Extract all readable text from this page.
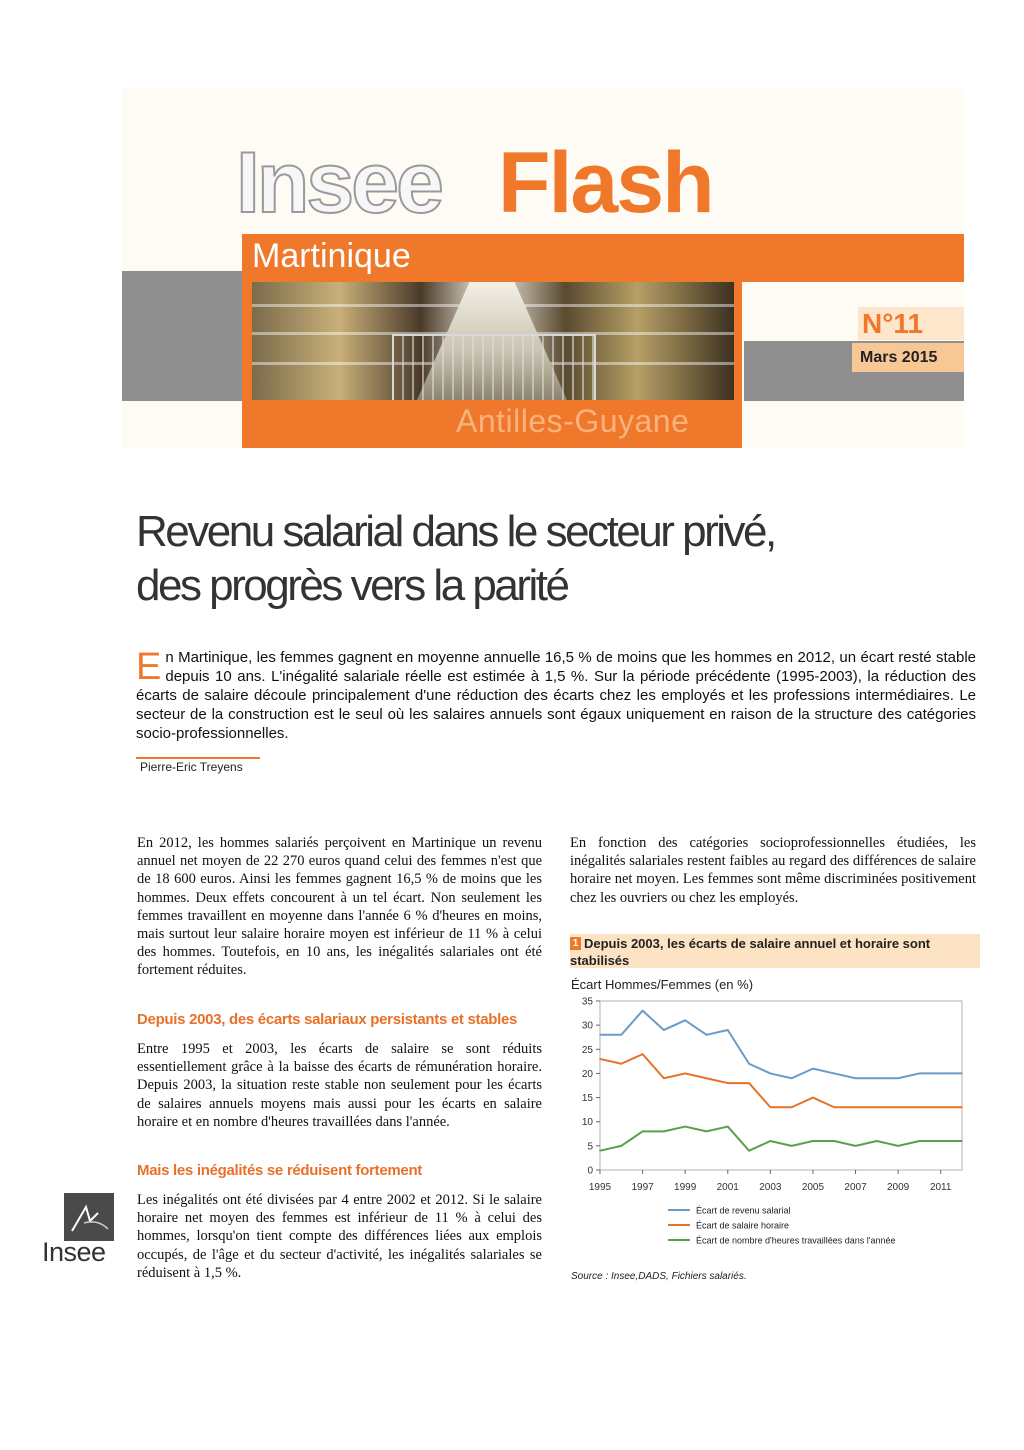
Insee Flash
Martinique
Antilles-Guyane
N°11
Mars 2015
Revenu salarial dans le secteur privé,
des progrès vers la parité
En Martinique, les femmes gagnent en moyenne annuelle 16,5 % de moins que les hommes en 2012, un écart resté stable depuis 10 ans. L'inégalité salariale réelle est estimée à 1,5 %. Sur la période précédente (1995-2003), la réduction des écarts de salaire découle principalement d'une réduction des écarts chez les employés et les professions intermédiaires. Le secteur de la construction est le seul où les salaires annuels sont égaux uniquement en raison de la structure des catégories socio-professionnelles.
Pierre-Eric Treyens
En 2012, les hommes salariés perçoivent en Martinique un revenu annuel net moyen de 22 270 euros quand celui des femmes n'est que de 18 600 euros. Ainsi les femmes gagnent 16,5 % de moins que les hommes. Deux effets concourent à un tel écart. Non seulement les femmes travaillent en moyenne dans l'année 6 % d'heures en moins, mais surtout leur salaire horaire moyen est inférieur de 11 % à celui des hommes. Toutefois, en 10 ans, les inégalités salariales ont été fortement réduites.
Depuis 2003, des écarts salariaux persistants et stables
Entre 1995 et 2003, les écarts de salaire se sont réduits essentiellement grâce à la baisse des écarts de rémunération horaire. Depuis 2003, la situation reste stable non seulement pour les écarts de salaires annuels moyens mais aussi pour les écarts en salaire horaire et en nombre d'heures travaillées dans l'année.
Mais les inégalités se réduisent fortement
Les inégalités ont été divisées par 4 entre 2002 et 2012. Si le salaire horaire net moyen des femmes est inférieur de 11 % à celui des hommes, lorsqu'on tient compte des différences liées aux emplois occupés, de l'âge et du secteur d'activité, les inégalités salariales se réduisent à 1,5 %.
En fonction des catégories socioprofessionnelles étudiées, les inégalités salariales restent faibles au regard des différences de salaire horaire net moyen. Les femmes sont même discriminées positivement chez les ouvriers ou chez les employés.
1 Depuis 2003, les écarts de salaire annuel et horaire sont
stabilisés
Écart Hommes/Femmes (en %)
0
5
10
15
20
25
30
35
1995 1997 1999 2001 2003 2005 2007 2009 2011
Écart de revenu salarial
Écart de salaire horaire
Écart de nombre d'heures travaillées dans l'année
Source : Insee,DADS, Fichiers salariés.
Insee
